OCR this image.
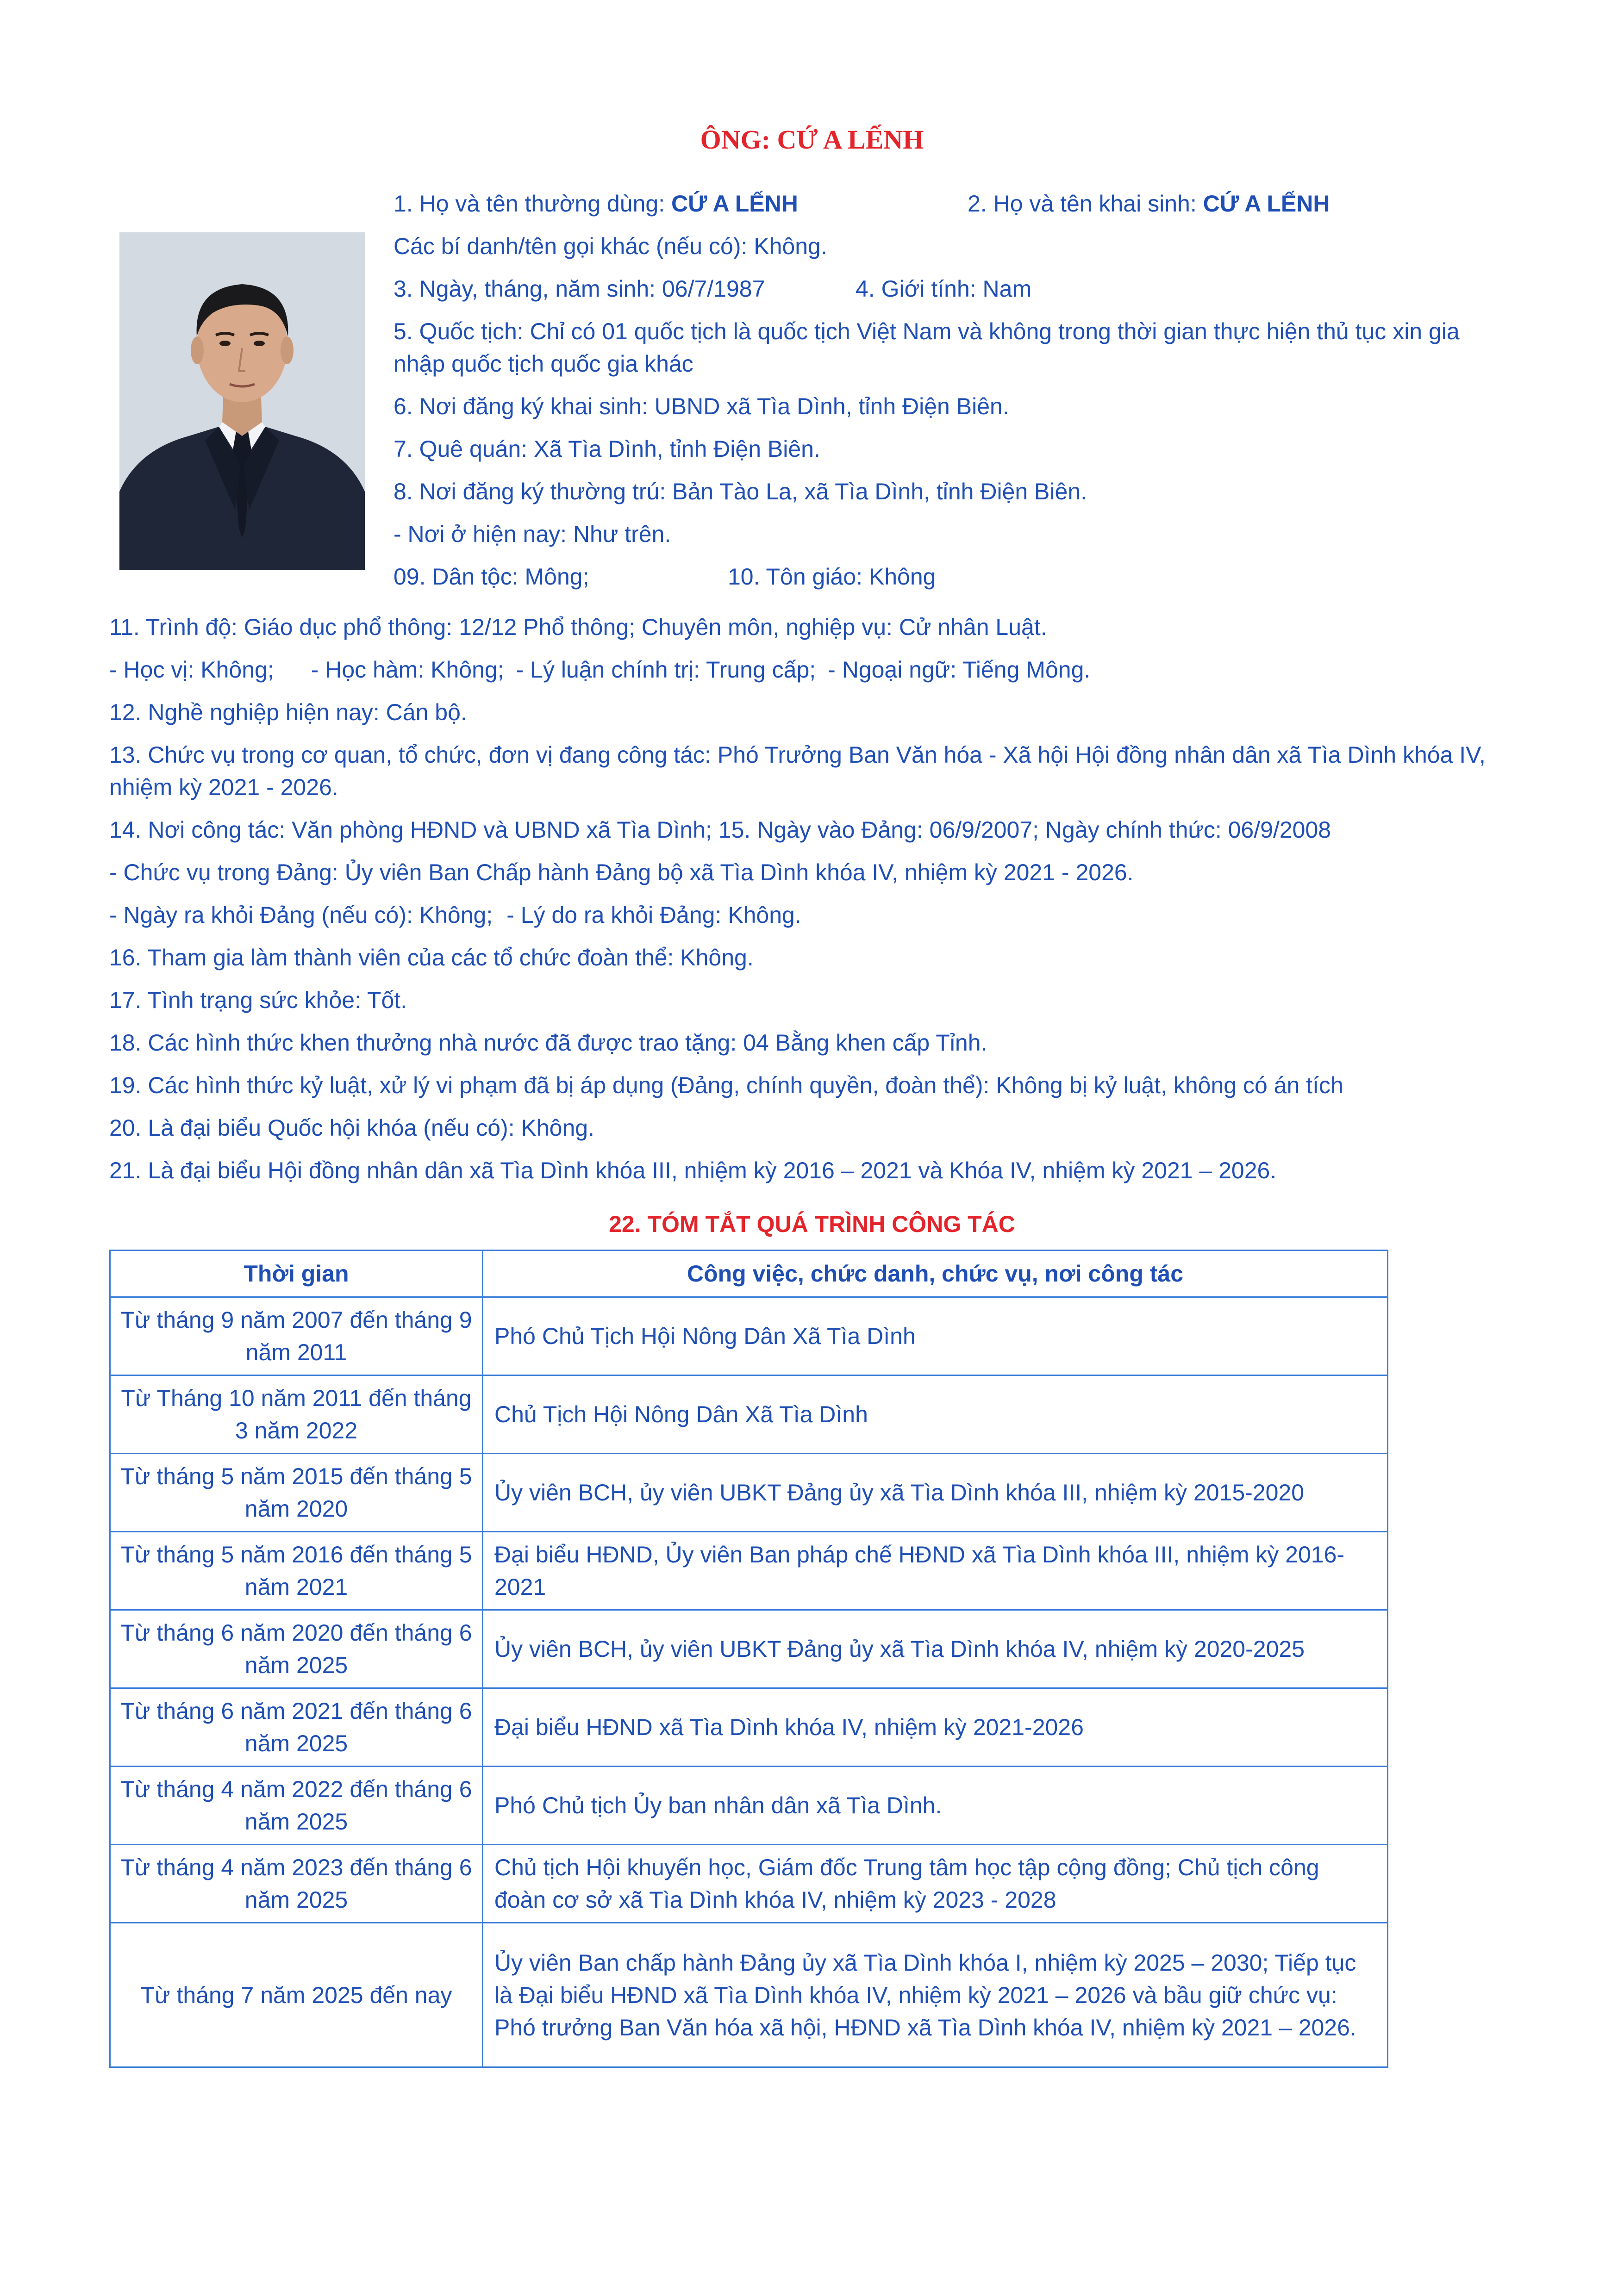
ÔNG: CỨ A LẾNH
1. Họ và tên thường dùng: CỨ A LẾNH	2. Họ và tên khai sinh: CỨ A LẾNH
Các bí danh/tên gọi khác (nếu có): Không.
3. Ngày, tháng, năm sinh: 06/7/1987	4. Giới tính: Nam
5. Quốc tịch: Chỉ có 01 quốc tịch là quốc tịch Việt Nam và không trong thời gian thực hiện thủ tục xin gia nhập quốc tịch quốc gia khác
6. Nơi đăng ký khai sinh: UBND xã Tìa Dình, tỉnh Điện Biên.
7. Quê quán: Xã Tìa Dình, tỉnh Điện Biên.
8. Nơi đăng ký thường trú: Bản Tào La, xã Tìa Dình, tỉnh Điện Biên.
- Nơi ở hiện nay: Như trên.
09. Dân tộc: Mông;	10. Tôn giáo: Không
11. Trình độ: Giáo dục phổ thông: 12/12 Phổ thông; Chuyên môn, nghiệp vụ: Cử nhân Luật.
- Học vị: Không; - Học hàm: Không; - Lý luận chính trị: Trung cấp; - Ngoại ngữ: Tiếng Mông.
12. Nghề nghiệp hiện nay: Cán bộ.
13. Chức vụ trong cơ quan, tổ chức, đơn vị đang công tác: Phó Trưởng Ban Văn hóa - Xã hội Hội đồng nhân dân xã Tìa Dình khóa IV, nhiệm kỳ 2021 - 2026.
14. Nơi công tác: Văn phòng HĐND và UBND xã Tìa Dình; 15. Ngày vào Đảng: 06/9/2007; Ngày chính thức: 06/9/2008
- Chức vụ trong Đảng: Ủy viên Ban Chấp hành Đảng bộ xã Tìa Dình khóa IV, nhiệm kỳ 2021 - 2026.
- Ngày ra khỏi Đảng (nếu có): Không; - Lý do ra khỏi Đảng: Không.
16. Tham gia làm thành viên của các tổ chức đoàn thể: Không.
17. Tình trạng sức khỏe: Tốt.
18. Các hình thức khen thưởng nhà nước đã được trao tặng: 04 Bằng khen cấp Tỉnh.
19. Các hình thức kỷ luật, xử lý vi phạm đã bị áp dụng (Đảng, chính quyền, đoàn thể): Không bị kỷ luật, không có án tích
20. Là đại biểu Quốc hội khóa (nếu có): Không.
21. Là đại biểu Hội đồng nhân dân xã Tìa Dình khóa III, nhiệm kỳ 2016 – 2021 và Khóa IV, nhiệm kỳ 2021 – 2026.
22. TÓM TẮT QUÁ TRÌNH CÔNG TÁC
Thời gian	Công việc, chức danh, chức vụ, nơi công tác
Từ tháng 9 năm 2007 đến tháng 9 năm 2011	Phó Chủ Tịch Hội Nông Dân Xã Tìa Dình
Từ Tháng 10 năm 2011 đến tháng 3 năm 2022	Chủ Tịch Hội Nông Dân Xã Tìa Dình
Từ tháng 5 năm 2015 đến tháng 5 năm 2020	Ủy viên BCH, ủy viên UBKT Đảng ủy xã Tìa Dình khóa III, nhiệm kỳ 2015-2020
Từ tháng 5 năm 2016 đến tháng 5 năm 2021	Đại biểu HĐND, Ủy viên Ban pháp chế HĐND xã Tìa Dình khóa III, nhiệm kỳ 2016-2021
Từ tháng 6 năm 2020 đến tháng 6 năm 2025	Ủy viên BCH, ủy viên UBKT Đảng ủy xã Tìa Dình khóa IV, nhiệm kỳ 2020-2025
Từ tháng 6 năm 2021 đến tháng 6 năm 2025	Đại biểu HĐND xã Tìa Dình khóa IV, nhiệm kỳ 2021-2026
Từ tháng 4 năm 2022 đến tháng 6 năm 2025	Phó Chủ tịch Ủy ban nhân dân xã Tìa Dình.
Từ tháng 4 năm 2023 đến tháng 6 năm 2025	Chủ tịch Hội khuyến học, Giám đốc Trung tâm học tập cộng đồng; Chủ tịch công đoàn cơ sở xã Tìa Dình khóa IV, nhiệm kỳ 2023 - 2028
Từ tháng 7 năm 2025 đến nay	Ủy viên Ban chấp hành Đảng ủy xã Tìa Dình khóa I, nhiệm kỳ 2025 – 2030; Tiếp tục là Đại biểu HĐND xã Tìa Dình khóa IV, nhiệm kỳ 2021 – 2026 và bầu giữ chức vụ: Phó trưởng Ban Văn hóa xã hội, HĐND xã Tìa Dình khóa IV, nhiệm kỳ 2021 – 2026.
